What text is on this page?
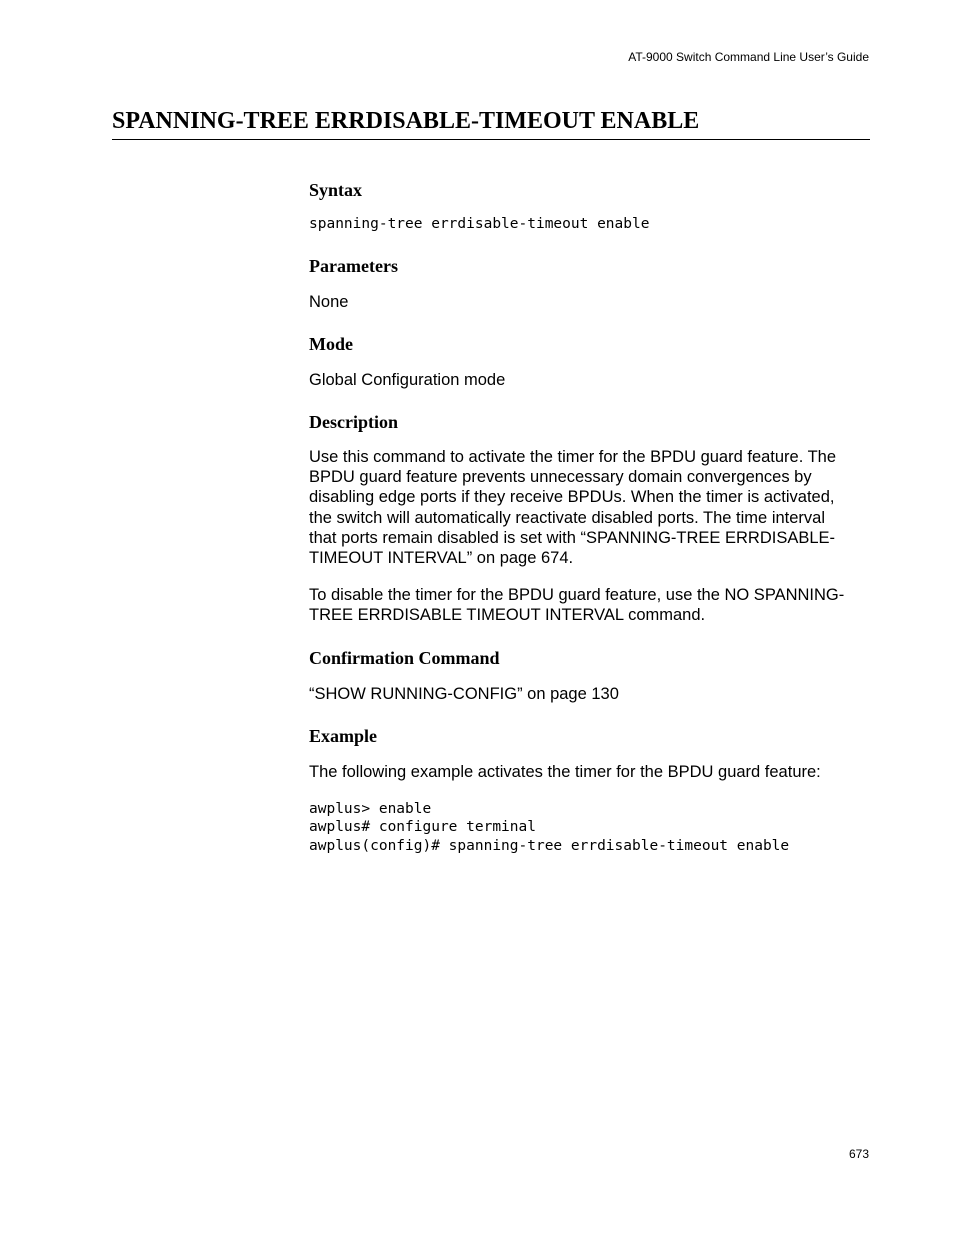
AT-9000 Switch Command Line User’s Guide
SPANNING-TREE ERRDISABLE-TIMEOUT ENABLE
Syntax

spanning-tree errdisable-timeout enable

Parameters

None

Mode

Global Configuration mode

Description
Use this command to activate the timer for the BPDU guard feature. The
BPDU guard feature prevents unnecessary domain convergences by
disabling edge ports if they receive BPDUs. When the timer is activated,
the switch will automatically reactivate disabled ports. The time interval
that ports remain disabled is set with “SPANNING-TREE ERRDISABLE-
TIMEOUT INTERVAL” on page 674.
To disable the timer for the BPDU guard feature, use the NO SPANNING-
TREE ERRDISABLE TIMEOUT INTERVAL command.
Confirmation Command

“SHOW RUNNING-CONFIG” on page 130

Example

The following example activates the timer for the BPDU guard feature:

awplus> enable
awplus# configure terminal
awplus(config)# spanning-tree errdisable-timeout enable
673
